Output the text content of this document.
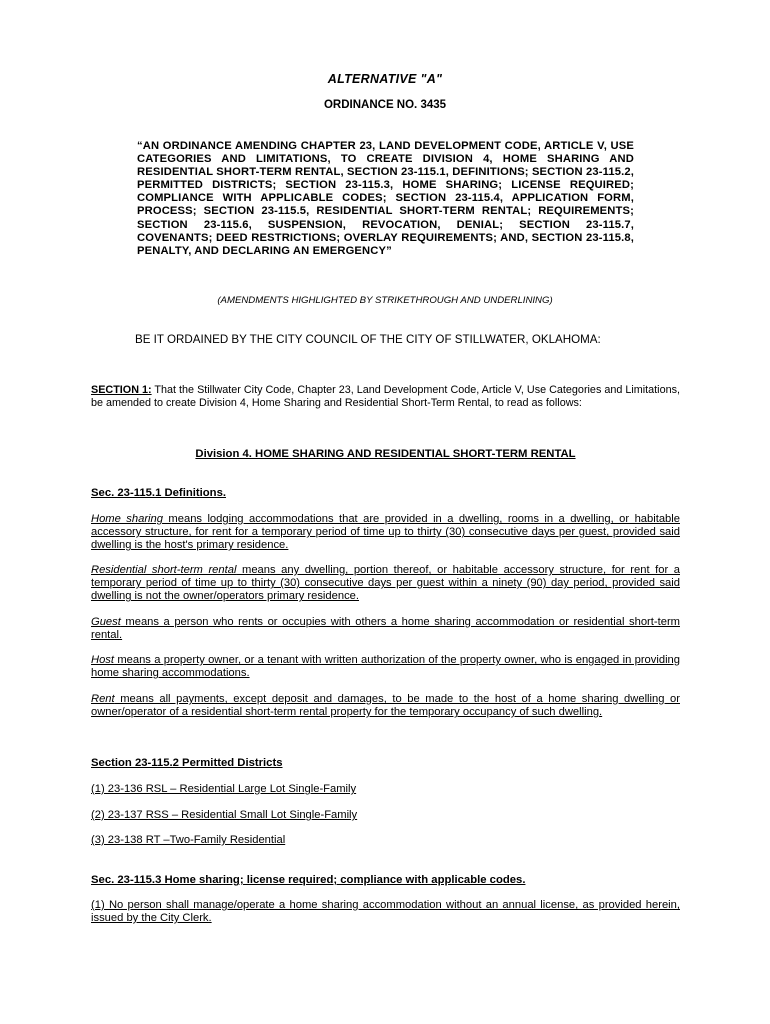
ALTERNATIVE "A"
ORDINANCE NO. 3435
“AN ORDINANCE AMENDING CHAPTER 23, LAND DEVELOPMENT CODE, ARTICLE V, USE CATEGORIES AND LIMITATIONS, TO CREATE DIVISION 4, HOME SHARING AND RESIDENTIAL SHORT-TERM RENTAL, SECTION 23-115.1, DEFINITIONS; SECTION 23-115.2, PERMITTED DISTRICTS; SECTION 23-115.3, HOME SHARING; LICENSE REQUIRED; COMPLIANCE WITH APPLICABLE CODES; SECTION 23-115.4, APPLICATION FORM, PROCESS; SECTION 23-115.5, RESIDENTIAL SHORT-TERM RENTAL; REQUIREMENTS; SECTION 23-115.6, SUSPENSION, REVOCATION, DENIAL; SECTION 23-115.7, COVENANTS; DEED RESTRICTIONS; OVERLAY REQUIREMENTS; AND, SECTION 23-115.8, PENALTY, AND DECLARING AN EMERGENCY”
(AMENDMENTS HIGHLIGHTED BY STRIKETHROUGH AND UNDERLINING)
BE IT ORDAINED BY THE CITY COUNCIL OF THE CITY OF STILLWATER, OKLAHOMA:
SECTION 1: That the Stillwater City Code, Chapter 23, Land Development Code, Article V, Use Categories and Limitations, be amended to create Division 4, Home Sharing and Residential Short-Term Rental, to read as follows:
Division 4. HOME SHARING AND RESIDENTIAL SHORT-TERM RENTAL
Sec. 23-115.1 Definitions.
Home sharing means lodging accommodations that are provided in a dwelling, rooms in a dwelling, or habitable accessory structure, for rent for a temporary period of time up to thirty (30) consecutive days per guest, provided said dwelling is the host's primary residence.
Residential short-term rental means any dwelling, portion thereof, or habitable accessory structure, for rent for a temporary period of time up to thirty (30) consecutive days per guest within a ninety (90) day period, provided said dwelling is not the owner/operators primary residence.
Guest means a person who rents or occupies with others a home sharing accommodation or residential short-term rental.
Host means a property owner, or a tenant with written authorization of the property owner, who is engaged in providing home sharing accommodations.
Rent means all payments, except deposit and damages, to be made to the host of a home sharing dwelling or owner/operator of a residential short-term rental property for the temporary occupancy of such dwelling.
Section 23-115.2 Permitted Districts
(1) 23-136 RSL – Residential Large Lot Single-Family
(2) 23-137 RSS – Residential Small Lot Single-Family
(3) 23-138 RT –Two-Family Residential
Sec. 23-115.3 Home sharing; license required; compliance with applicable codes.
(1) No person shall manage/operate a home sharing accommodation without an annual license, as provided herein, issued by the City Clerk.
